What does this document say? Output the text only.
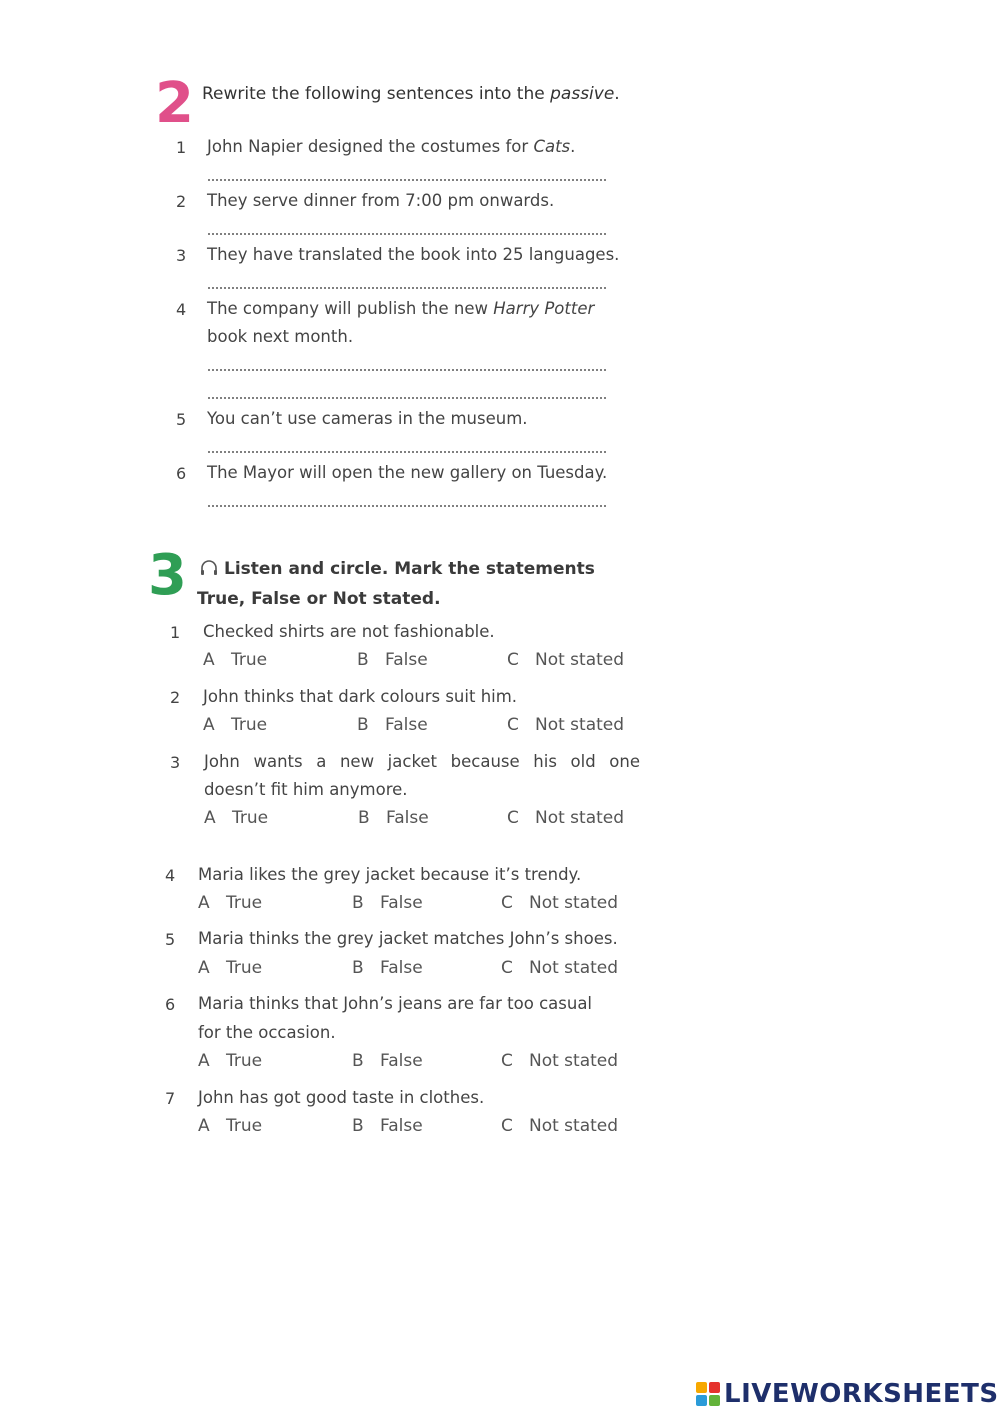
2 Rewrite the following sentences into the passive.
1 John Napier designed the costumes for Cats.
2 They serve dinner from 7:00 pm onwards.
3 They have translated the book into 25 languages.
4 The company will publish the new Harry Potter
book next month.
5 You can’t use cameras in the museum.
6 The Mayor will open the new gallery on Tuesday.
3	Listen and circle. Mark the statements
True, False or Not stated.
1 Checked shirts are not fashionable.
A True	B False	C Not stated
2 John thinks that dark colours suit him.
A True	B False	C Not stated
3 John wants a new jacket because his old one
doesn’t fit him anymore.
A True	B False	C Not stated
4 Maria likes the grey jacket because it’s trendy.
A True	B False	C Not stated
5 Maria thinks the grey jacket matches John’s shoes.
A True	B False	C Not stated
6 Maria thinks that John’s jeans are far too casual
for the occasion.
A True	B False	C Not stated
7 John has got good taste in clothes.
A True	B False	C Not stated
LIVEWORKSHEETS
